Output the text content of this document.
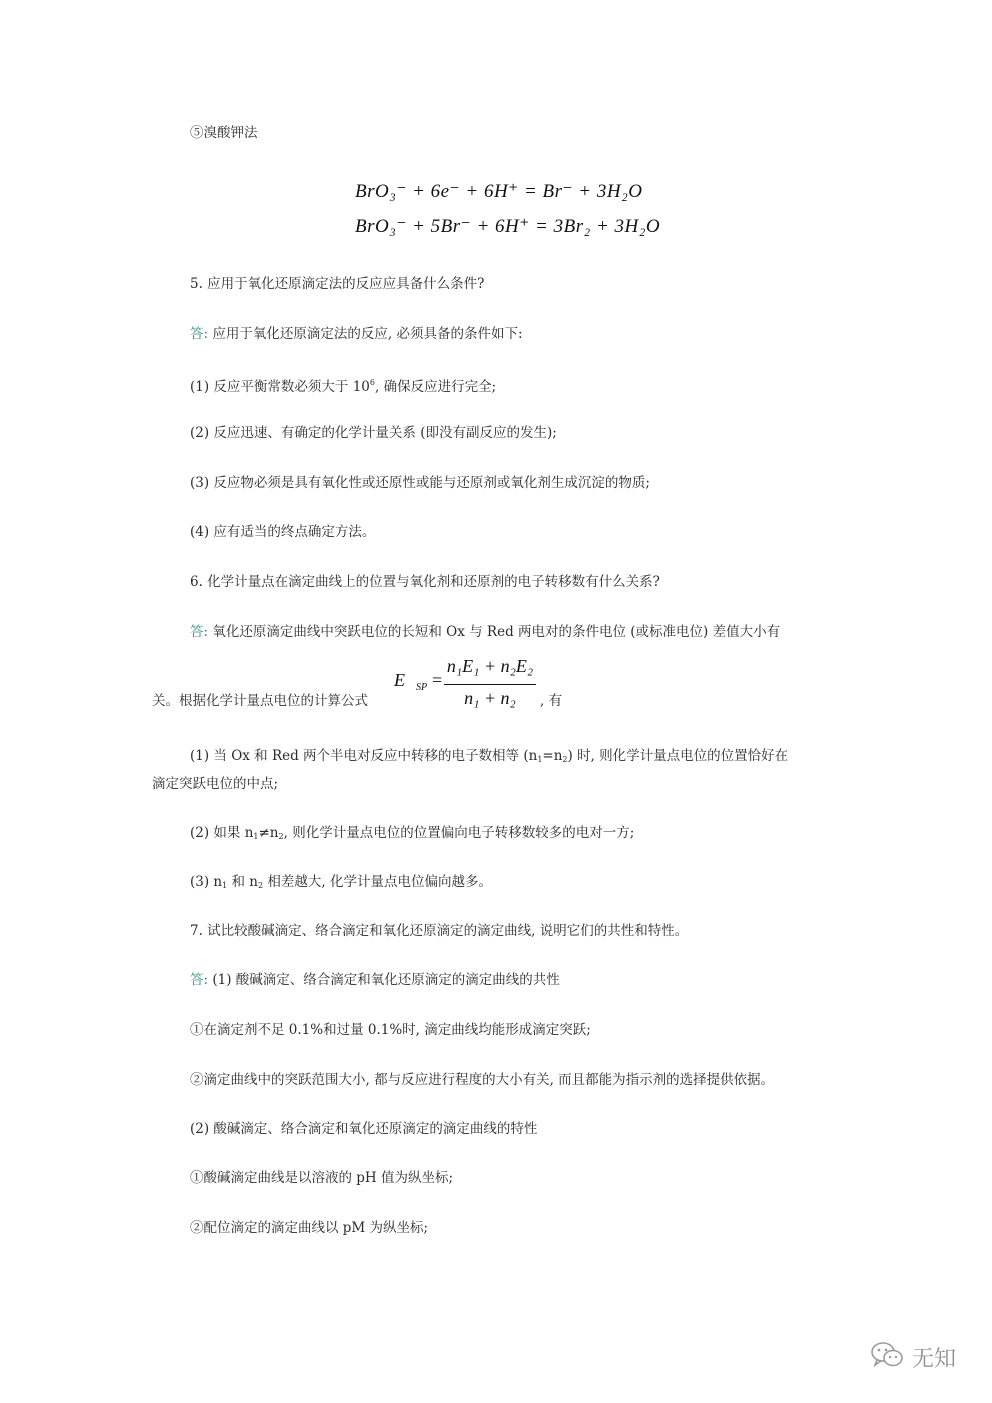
⑤溴酸钾法
BrO₃⁻ + 6e⁻ + 6H⁺ = Br⁻ + 3H₂O
BrO₃⁻ + 5Br⁻ + 6H⁺ = 3Br₂ + 3H₂O
5. 应用于氧化还原滴定法的反应应具备什么条件?
答: 应用于氧化还原滴定法的反应, 必须具备的条件如下:
(1) 反应平衡常数必须大于 $10^6$, 确保反应进行完全;
(2) 反应迅速、有确定的化学计量关系 (即没有副反应的发生);
(3) 反应物必须是具有氧化性或还原性或能与还原剂或氧化剂生成沉淀的物质;
(4) 应有适当的终点确定方法。
6. 化学计量点在滴定曲线上的位置与氧化剂和还原剂的电子转移数有什么关系?
答: 氧化还原滴定曲线中突跃电位的长短和 Ox 与 Red 两电对的条件电位 (或标准电位) 差值大小有
关。根据化学计量点电位的计算公式
E SP =
n₁E₁ + n₂E₂
n₁ + n₂	, 有
(1) 当 Ox 和 Red 两个半电对反应中转移的电子数相等 (n1=n2) 时, 则化学计量点电位的位置恰好在
滴定突跃电位的中点;
(2) 如果 n1≠n2, 则化学计量点电位的位置偏向电子转移数较多的电对一方;
(3) n1 和 n2 相差越大, 化学计量点电位偏向越多。
7. 试比较酸碱滴定、络合滴定和氧化还原滴定的滴定曲线, 说明它们的共性和特性。
答: (1) 酸碱滴定、络合滴定和氧化还原滴定的滴定曲线的共性
①在滴定剂不足 0.1%和过量 0.1%时, 滴定曲线均能形成滴定突跃;
②滴定曲线中的突跃范围大小, 都与反应进行程度的大小有关, 而且都能为指示剂的选择提供依据。
(2) 酸碱滴定、络合滴定和氧化还原滴定的滴定曲线的特性
①酸碱滴定曲线是以溶液的 pH 值为纵坐标;
②配位滴定的滴定曲线以 pM 为纵坐标;
无知
